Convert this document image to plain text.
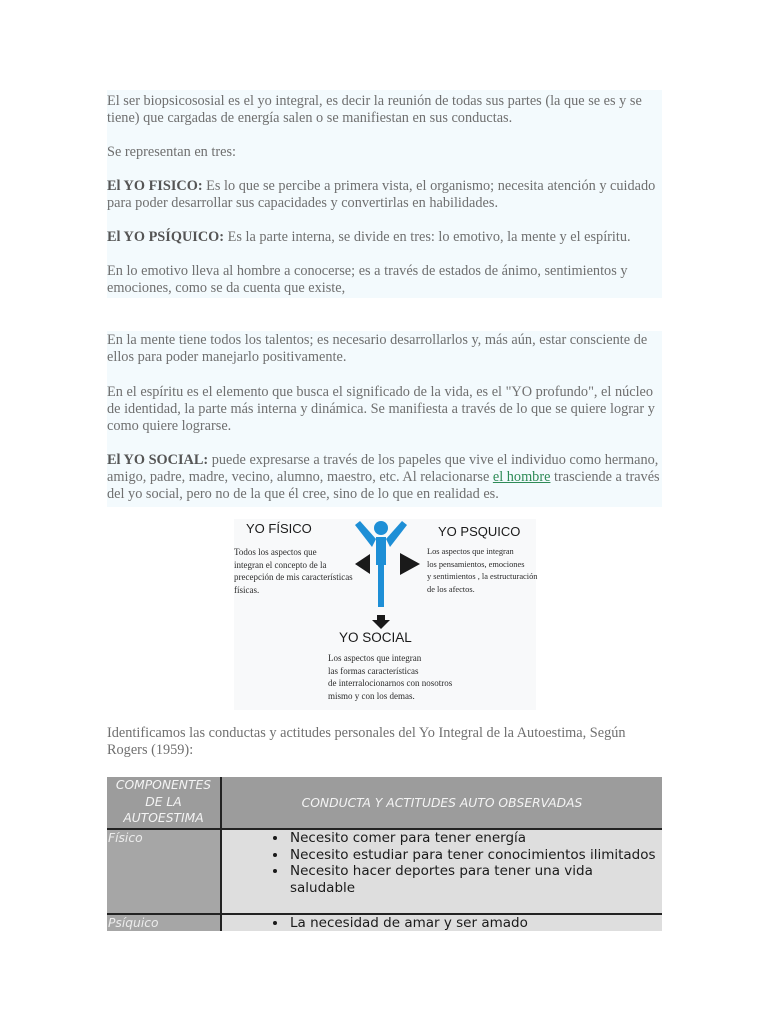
El ser biopsicososial es el yo integral, es decir la reunión de todas sus partes (la que se es y se tiene) que cargadas de energía salen o se manifiestan en sus conductas.

Se representan en tres:

El YO FISICO: Es lo que se percibe a primera vista, el organismo; necesita atención y cuidado para poder desarrollar sus capacidades y convertirlas en habilidades.

El YO PSÍQUICO: Es la parte interna, se divide en tres: lo emotivo, la mente y el espíritu.

En lo emotivo lleva al hombre a conocerse; es a través de estados de ánimo, sentimientos y emociones, como se da cuenta que existe,

En la mente tiene todos los talentos; es necesario desarrollarlos y, más aún, estar consciente de ellos para poder manejarlo positivamente.

En el espíritu es el elemento que busca el significado de la vida, es el "YO profundo", el núcleo de identidad, la parte más interna y dinámica. Se manifiesta a través de lo que se quiere lograr y como quiere lograrse.

El YO SOCIAL: puede expresarse a través de los papeles que vive el individuo como hermano, amigo, padre, madre, vecino, alumno, maestro, etc. Al relacionarse el hombre trasciende a través del yo social, pero no de la que él cree, sino de lo que en realidad es.

YO FÍSICO
Todos los aspectos que
integran el concepto de la
precepción de mis características
físicas.
YO PSQUICO
Los aspectos que integran
los pensamientos, emociones
y sentimientos , la estructuración
de los afectos.
YO SOCIAL
Los aspectos que integran
las formas características
de interralocionarnos con nosotros
mismo y con los demas.

Identificamos las conductas y actitudes personales del Yo Integral de la Autoestima, Según Rogers (1959):

COMPONENTES DE LA AUTOESTIMA
CONDUCTA Y ACTITUDES AUTO OBSERVADAS
Físico	• Necesito comer para tener energía
• Necesito estudiar para tener conocimientos ilimitados
• Necesito hacer deportes para tener una vida saludable
Psíquico	• La necesidad de amar y ser amado
